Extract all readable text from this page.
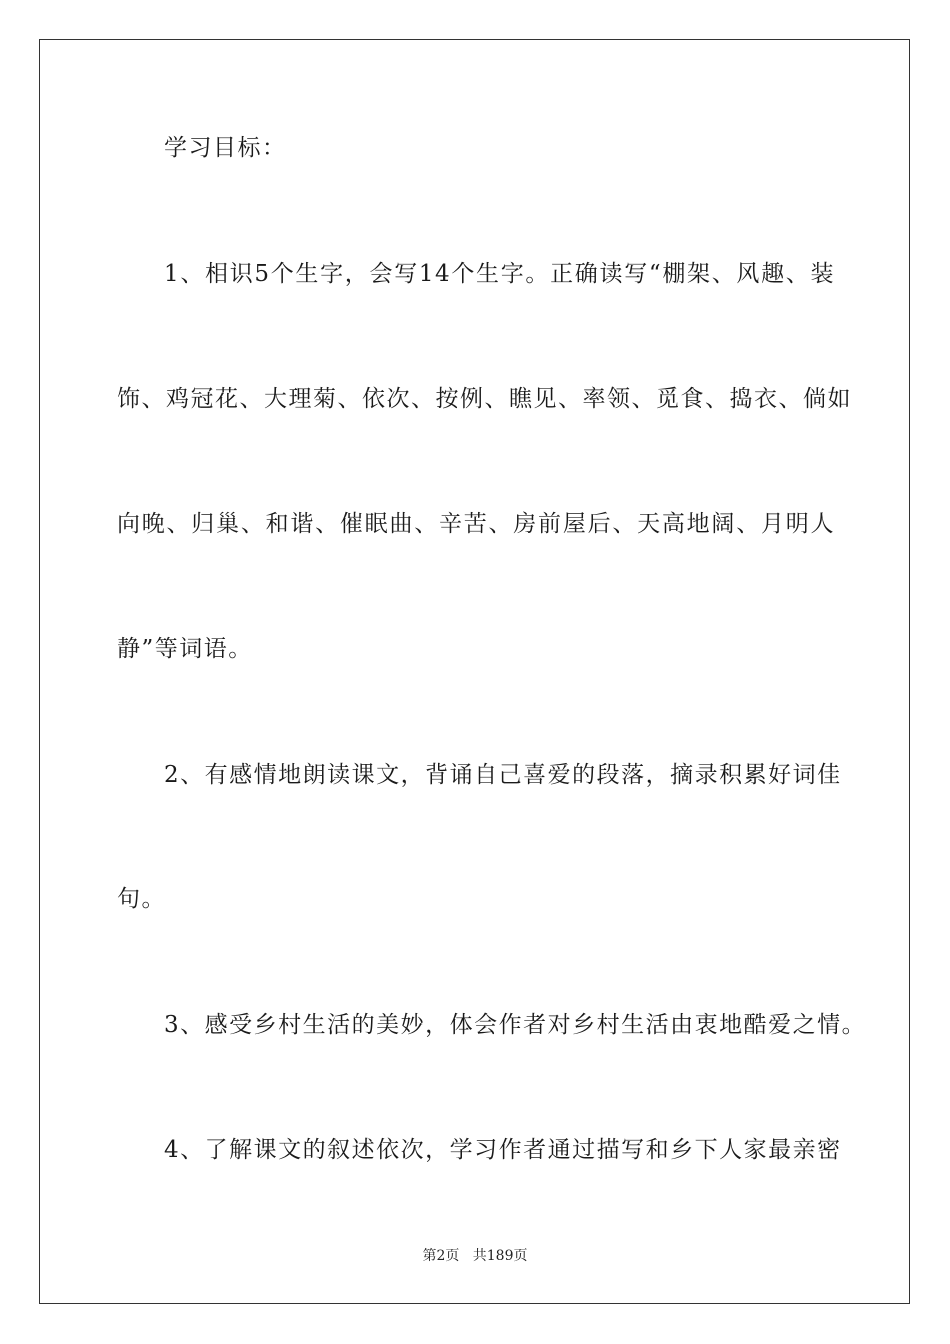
学习目标：
1、相识5个生字，会写14个生字。正确读写“棚架、风趣、装
饰、鸡冠花、大理菊、依次、按例、瞧见、率领、觅食、捣衣、倘如
向晚、归巢、和谐、催眠曲、辛苦、房前屋后、天高地阔、月明人
静”等词语。
2、有感情地朗读课文，背诵自己喜爱的段落，摘录积累好词佳
句。
3、感受乡村生活的美妙，体会作者对乡村生活由衷地酷爱之情。
4、了解课文的叙述依次，学习作者通过描写和乡下人家最亲密
第2页 共189页
